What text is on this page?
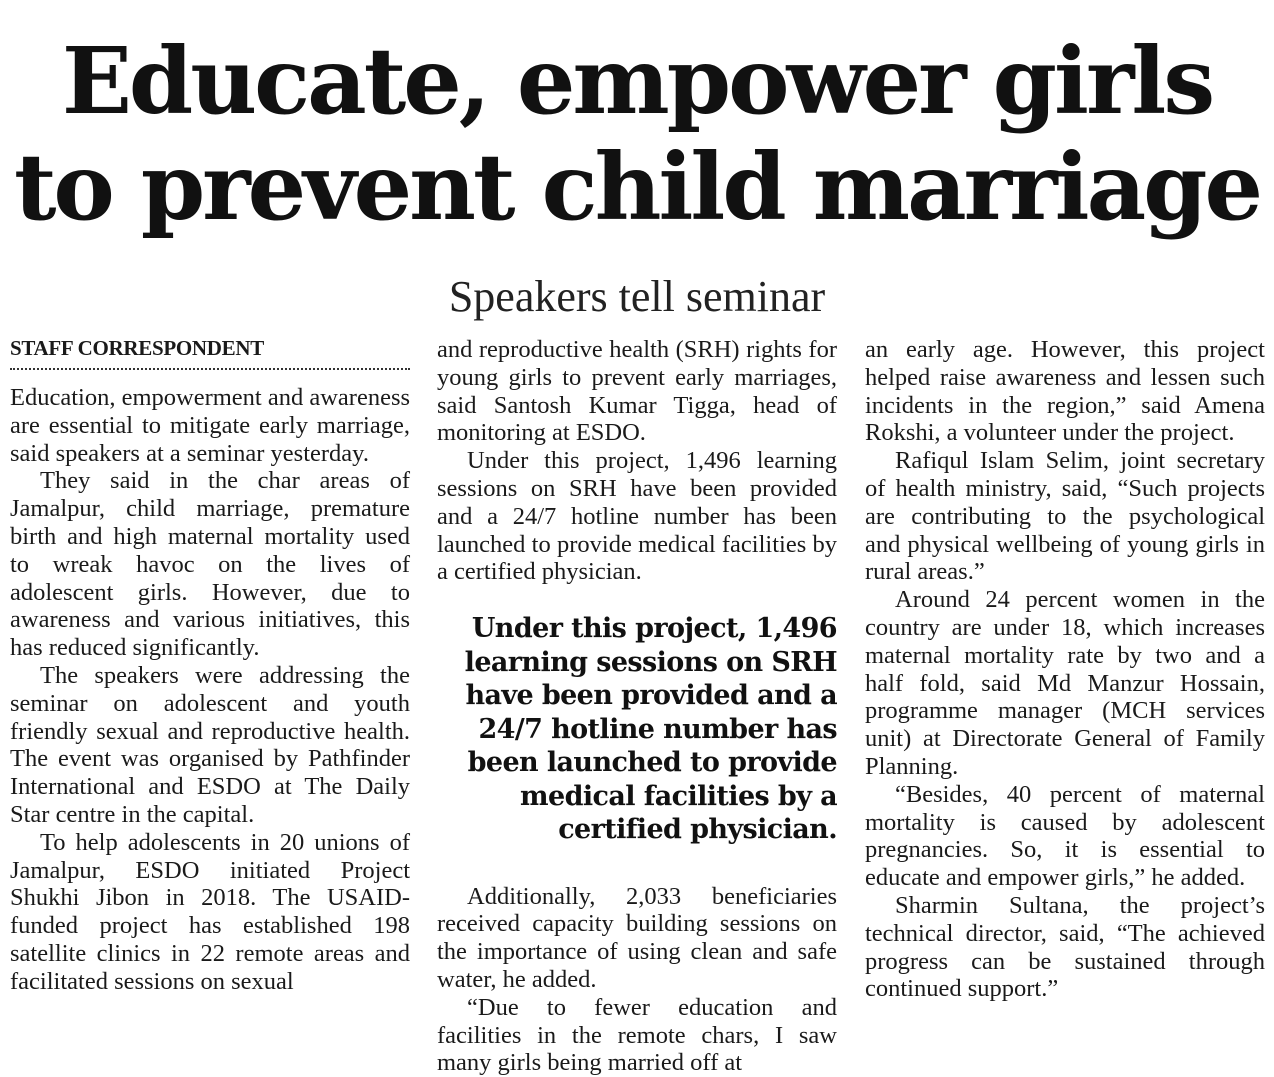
Educate, empower girls
to prevent child marriage
Speakers tell seminar
STAFF CORRESPONDENT

Education, empowerment and awareness are essential to mitigate early marriage, said speakers at a seminar yesterday.

They said in the char areas of Jamalpur, child marriage, premature birth and high maternal mortality used to wreak havoc on the lives of adolescent girls. However, due to awareness and various initiatives, this has reduced significantly.

The speakers were addressing the seminar on adolescent and youth friendly sexual and reproductive health. The event was organised by Pathfinder International and ESDO at The Daily Star centre in the capital.

To help adolescents in 20 unions of Jamalpur, ESDO initiated Project Shukhi Jibon in 2018. The USAID-funded project has established 198 satellite clinics in 22 remote areas and facilitated sessions on sexual

and reproductive health (SRH) rights for young girls to prevent early marriages, said Santosh Kumar Tigga, head of monitoring at ESDO.

Under this project, 1,496 learning sessions on SRH have been provided and a 24/7 hotline number has been launched to provide medical facilities by a certified physician.

Under this project, 1,496 learning sessions on SRH have been provided and a 24/7 hotline number has been launched to provide medical facilities by a certified physician.

Additionally, 2,033 beneficiaries received capacity building sessions on the importance of using clean and safe water, he added.

“Due to fewer education and facilities in the remote chars, I saw many girls being married off at

an early age. However, this project helped raise awareness and lessen such incidents in the region,” said Amena Rokshi, a volunteer under the project.

Rafiqul Islam Selim, joint secretary of health ministry, said, “Such projects are contributing to the psychological and physical wellbeing of young girls in rural areas.”

Around 24 percent women in the country are under 18, which increases maternal mortality rate by two and a half fold, said Md Manzur Hossain, programme manager (MCH services unit) at Directorate General of Family Planning.

“Besides, 40 percent of maternal mortality is caused by adolescent pregnancies. So, it is essential to educate and empower girls,” he added.

Sharmin Sultana, the project’s technical director, said, “The achieved progress can be sustained through continued support.”
